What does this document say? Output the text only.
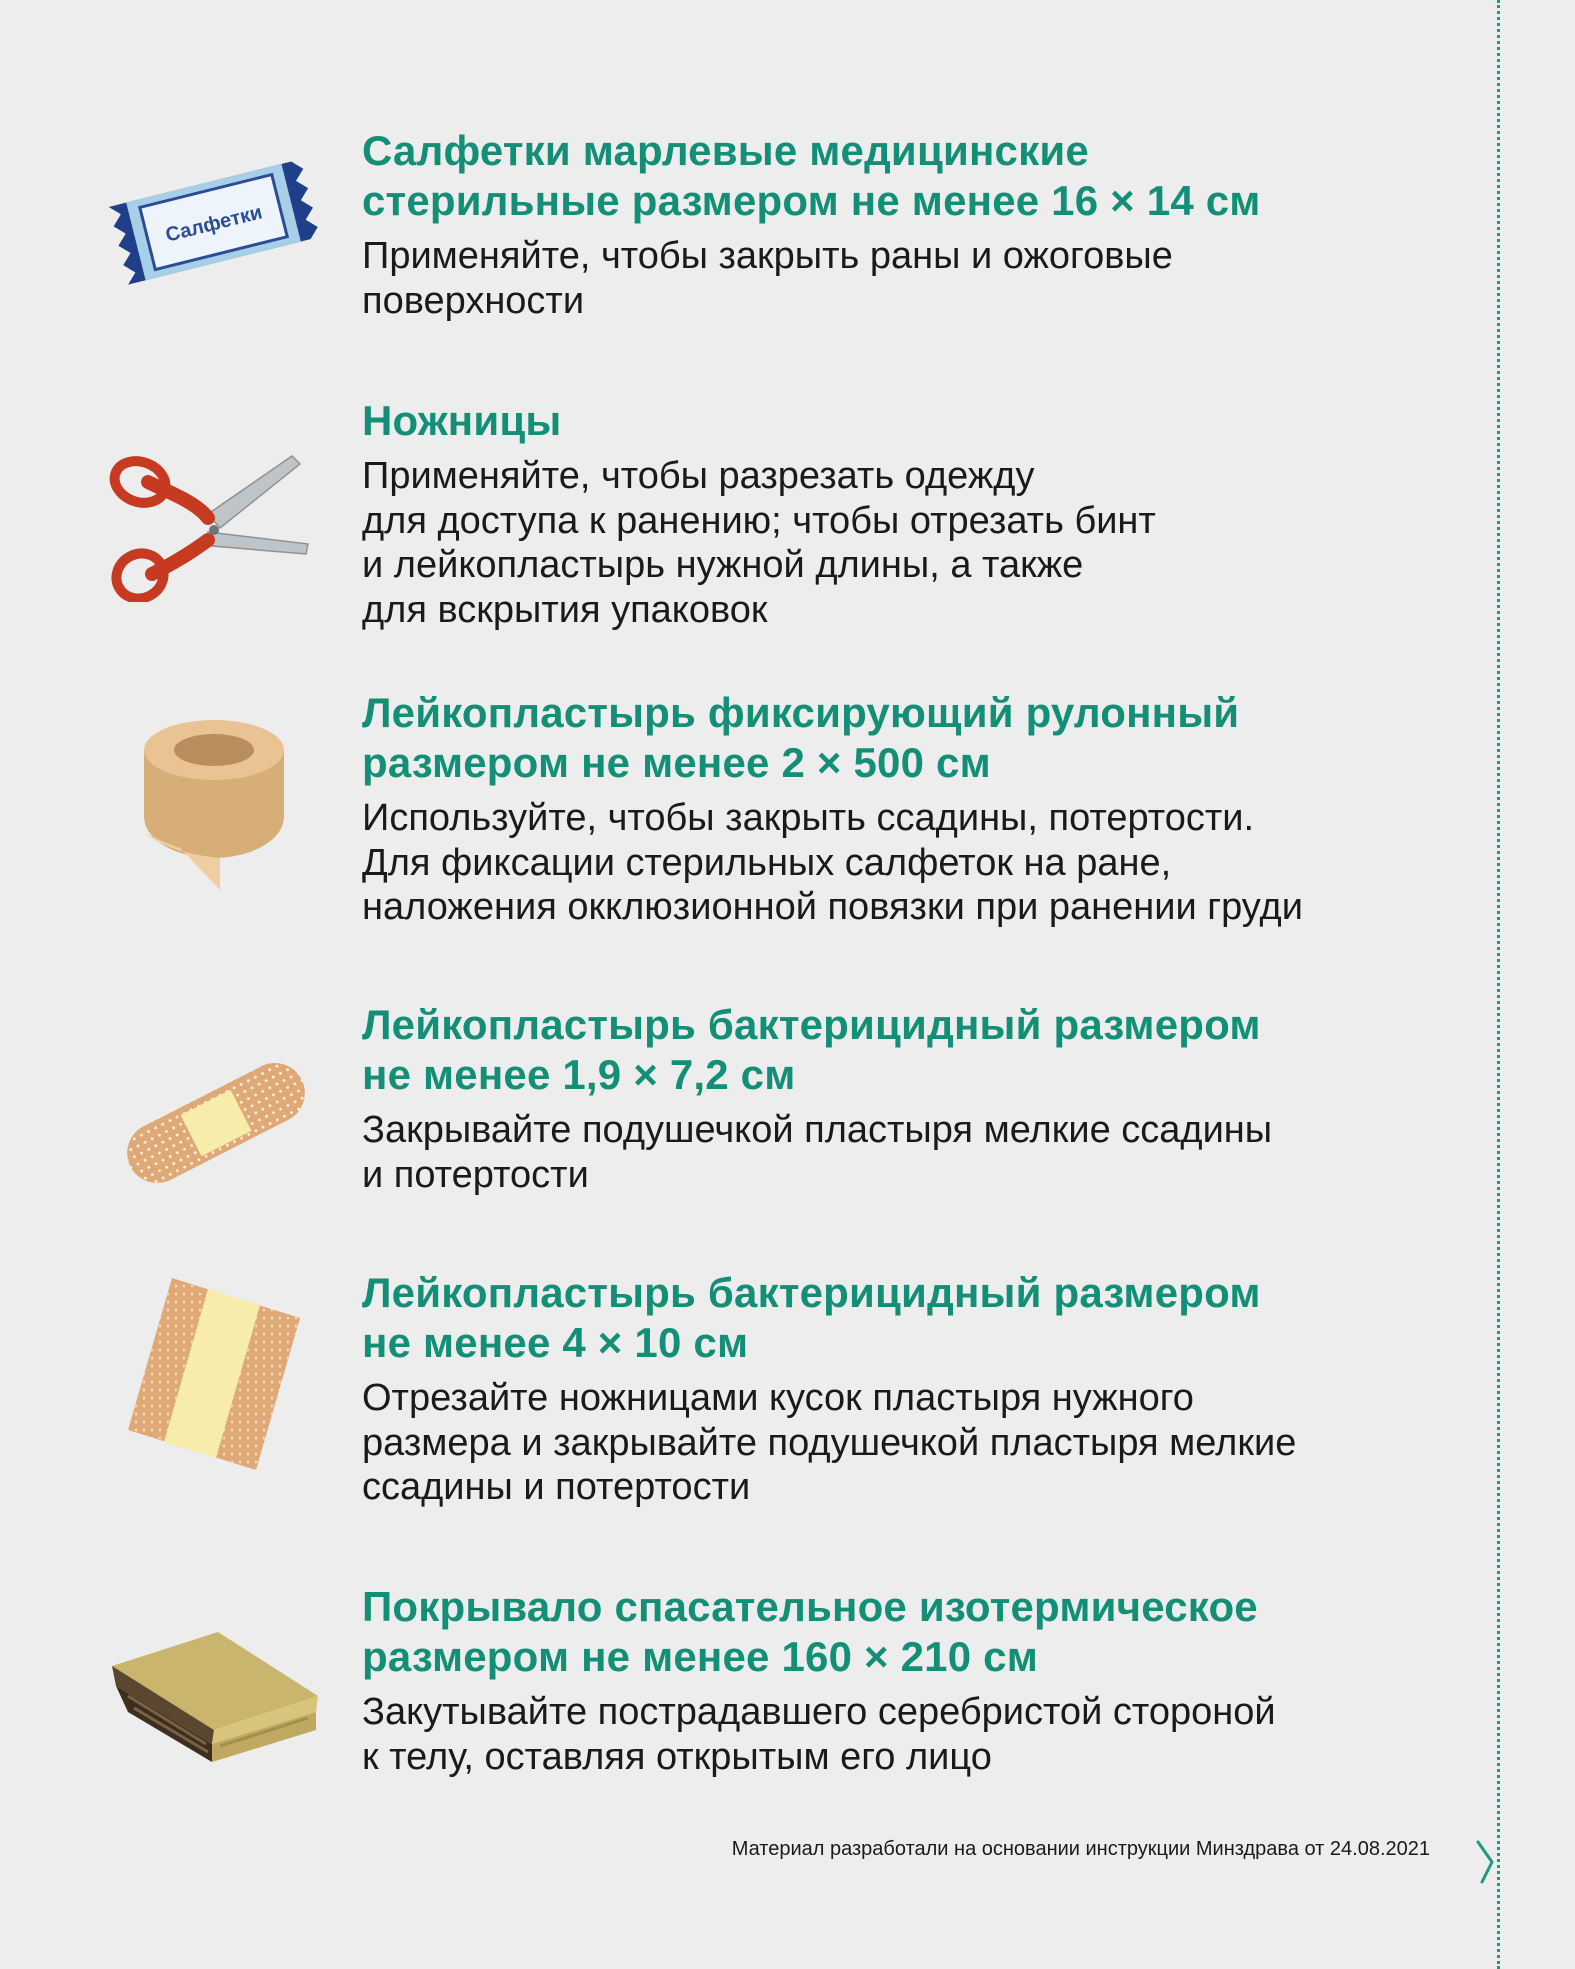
Салфетки
Салфетки марлевые медицинские
стерильные размером не менее 16 × 14 см
Применяйте, чтобы закрыть раны и ожоговые
поверхности
Ножницы
Применяйте, чтобы разрезать одежду
для доступа к ранению; чтобы отрезать бинт
и лейкопластырь нужной длины, а также
для вскрытия упаковок
Лейкопластырь фиксирующий рулонный
размером не менее 2 × 500 см
Используйте, чтобы закрыть ссадины, потертости.
Для фиксации стерильных салфеток на ране,
наложения окклюзионной повязки при ранении груди
Лейкопластырь бактерицидный размером
не менее 1,9 × 7,2 см
Закрывайте подушечкой пластыря мелкие ссадины
и потертости
Лейкопластырь бактерицидный размером
не менее 4 × 10 см
Отрезайте ножницами кусок пластыря нужного
размера и закрывайте подушечкой пластыря мелкие
ссадины и потертости
Покрывало спасательное изотермическое
размером не менее 160 × 210 см
Закутывайте пострадавшего серебристой стороной
к телу, оставляя открытым его лицо
Материал разработали на основании инструкции Минздрава от 24.08.2021
